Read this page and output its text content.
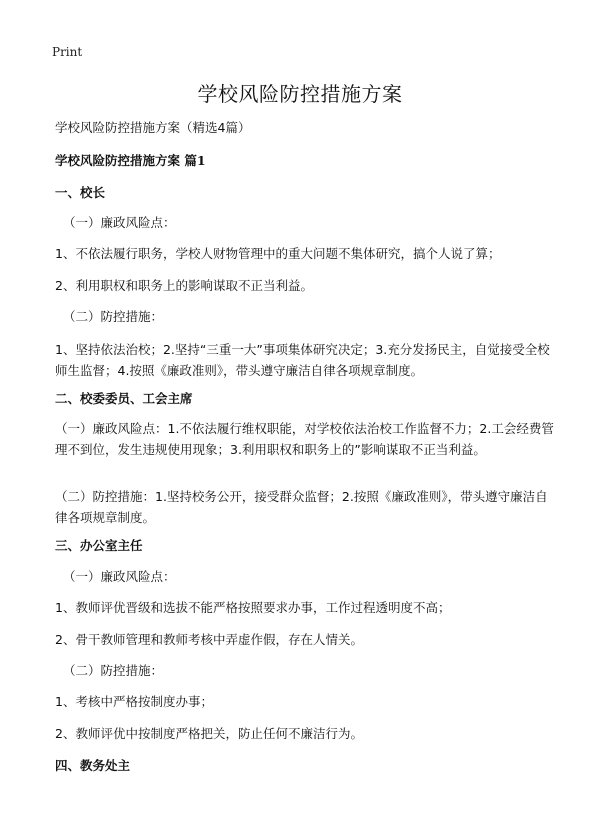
Print
学校风险防控措施方案
学校风险防控措施方案（精选4篇）
学校风险防控措施方案 篇1
一、校长
（一）廉政风险点：
1、不依法履行职务，学校人财物管理中的重大问题不集体研究，搞个人说了算；
2、利用职权和职务上的影响谋取不正当利益。
（二）防控措施：
1、坚持依法治校；2.坚持“三重一大”事项集体研究决定；3.充分发扬民主，自觉接受全校师生监督；4.按照《廉政准则》，带头遵守廉洁自律各项规章制度。
二、校委委员、工会主席
（一）廉政风险点：1.不依法履行维权职能，对学校依法治校工作监督不力；2.工会经费管理不到位，发生违规使用现象；3.利用职权和职务上的”影响谋取不正当利益。
（二）防控措施：1.坚持校务公开，接受群众监督；2.按照《廉政准则》，带头遵守廉洁自律各项规章制度。
三、办公室主任
（一）廉政风险点：
1、教师评优晋级和选拔不能严格按照要求办事，工作过程透明度不高；
2、骨干教师管理和教师考核中弄虚作假，存在人情关。
（二）防控措施：
1、考核中严格按制度办事；
2、教师评优中按制度严格把关，防止任何不廉洁行为。
四、教务处主
